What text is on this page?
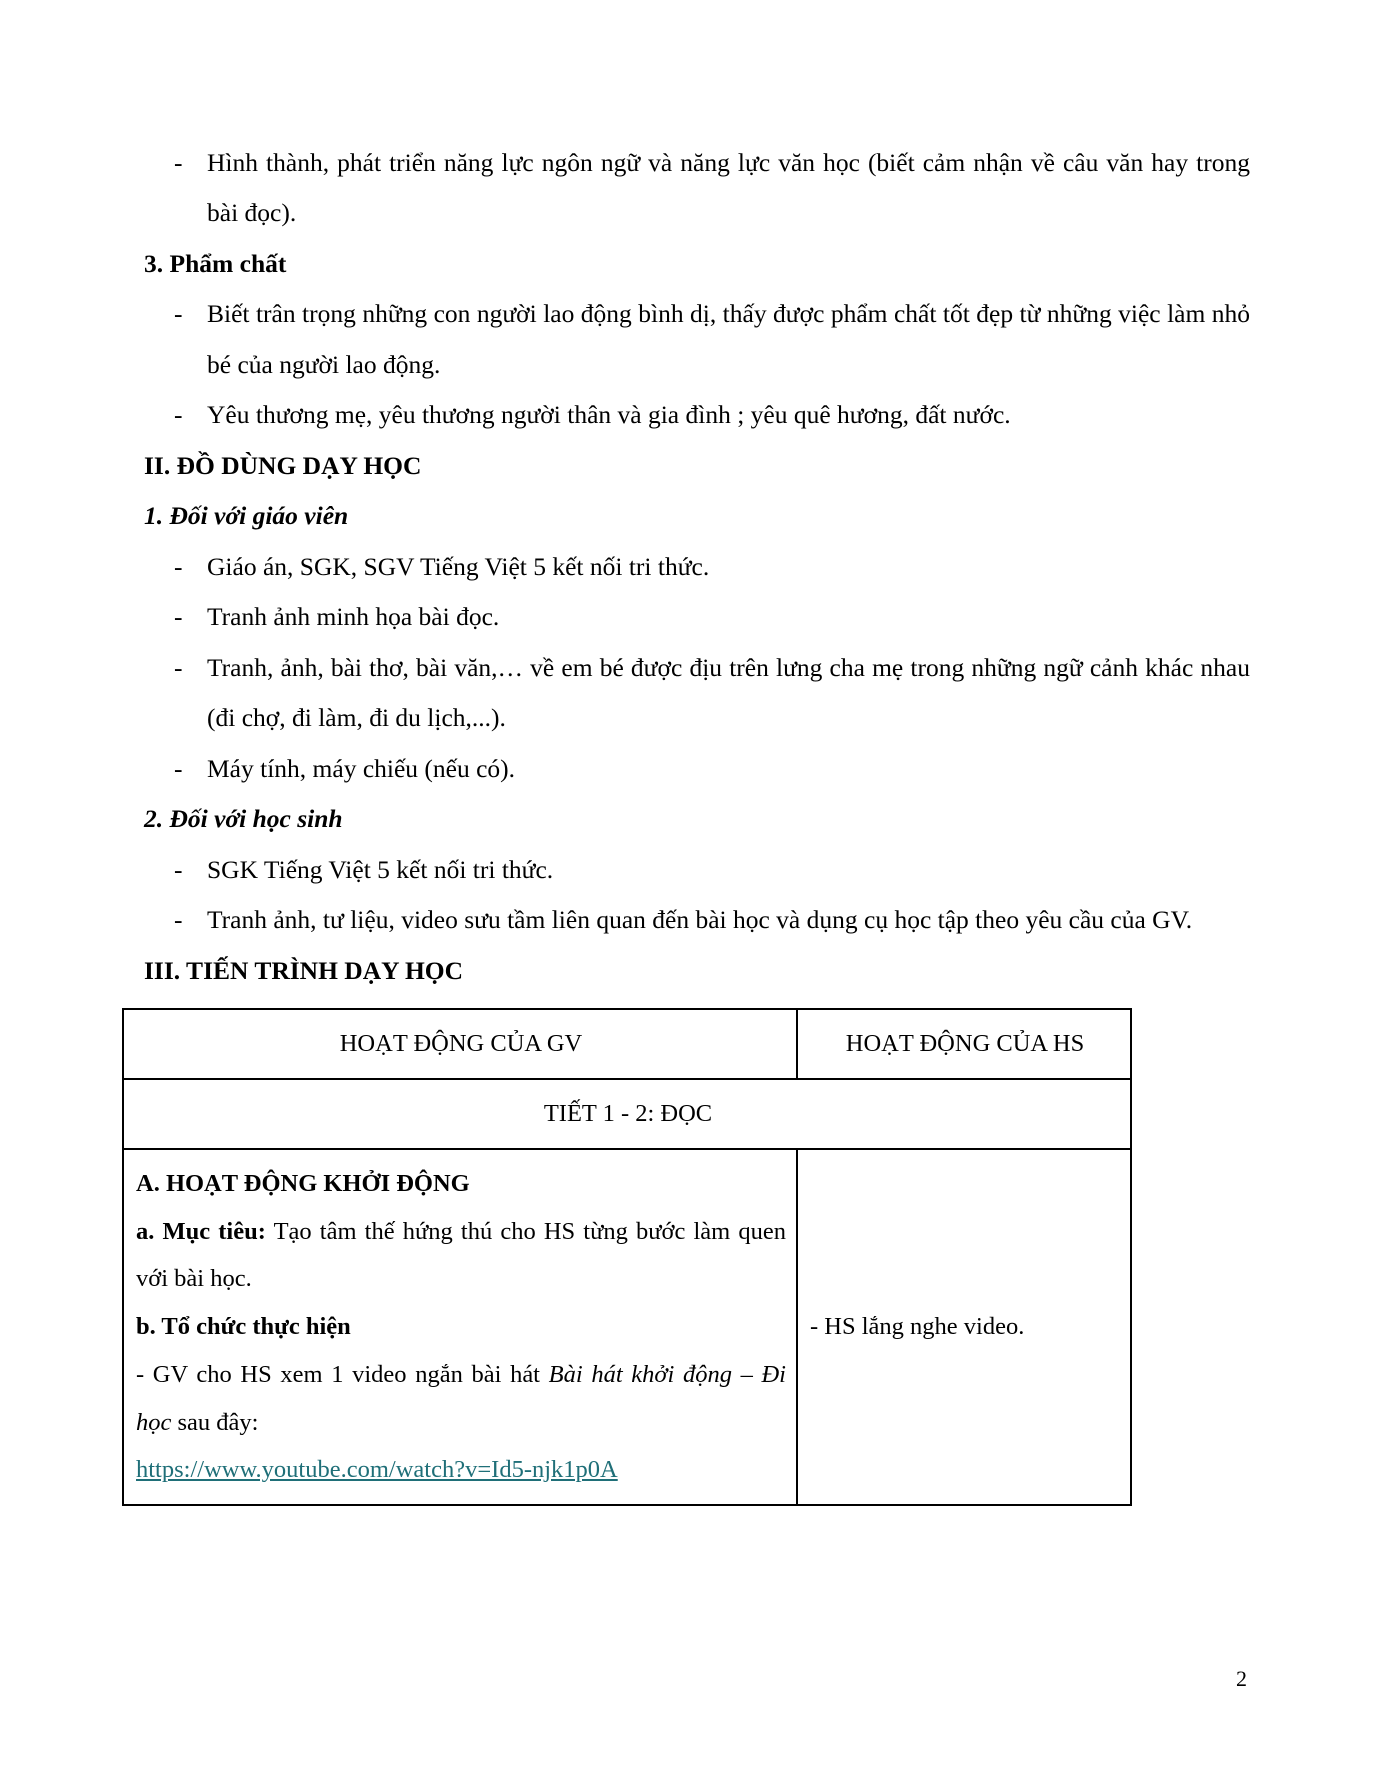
- Hình thành, phát triển năng lực ngôn ngữ và năng lực văn học (biết cảm nhận về câu văn hay trong bài đọc).
3. Phẩm chất
- Biết trân trọng những con người lao động bình dị, thấy được phẩm chất tốt đẹp từ những việc làm nhỏ bé của người lao động.
- Yêu thương mẹ, yêu thương người thân và gia đình ; yêu quê hương, đất nước.
II. ĐỒ DÙNG DẠY HỌC
1. Đối với giáo viên
- Giáo án, SGK, SGV Tiếng Việt 5 kết nối tri thức.
- Tranh ảnh minh họa bài đọc.
- Tranh, ảnh, bài thơ, bài văn,… về em bé được địu trên lưng cha mẹ trong những ngữ cảnh khác nhau (đi chợ, đi làm, đi du lịch,...).
- Máy tính, máy chiếu (nếu có).
2. Đối với học sinh
- SGK Tiếng Việt 5 kết nối tri thức.
- Tranh ảnh, tư liệu, video sưu tầm liên quan đến bài học và dụng cụ học tập theo yêu cầu của GV.
III. TIẾN TRÌNH DẠY HỌC
HOẠT ĐỘNG CỦA GV	HOẠT ĐỘNG CỦA HS
TIẾT 1 - 2: ĐỌC	

A. HOẠT ĐỘNG KHỞI ĐỘNG

a. Mục tiêu: Tạo tâm thế hứng thú cho HS từng bước làm quen với bài học.

b. Tổ chức thực hiện

- GV cho HS xem 1 video ngắn bài hát Bài hát khởi động – Đi học sau đây:

https://www.youtube.com/watch?v=Id5-njk1p0A	- HS lắng nghe video.

2
